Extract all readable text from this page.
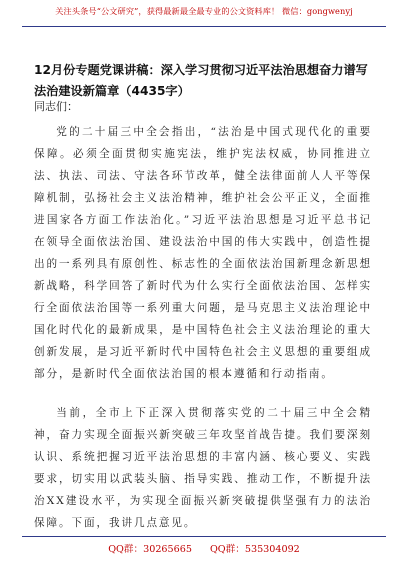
关注头条号“公文研究”，获得最新最全最专业的公文资料库！ 微信：gongwenyj
12月份专题党课讲稿：深入学习贯彻习近平法治思想奋力谱写法治建设新篇章（4435字）
同志们：

党的二十届三中全会指出，“法治是中国式现代化的重要保障。必须全面贯彻实施宪法，维护宪法权威，协同推进立法、执法、司法、守法各环节改革，健全法律面前人人平等保障机制，弘扬社会主义法治精神，维护社会公平正义，全面推进国家各方面工作法治化。”习近平法治思想是习近平总书记在领导全面依法治国、建设法治中国的伟大实践中，创造性提出的一系列具有原创性、标志性的全面依法治国新理念新思想新战略，科学回答了新时代为什么实行全面依法治国、怎样实行全面依法治国等一系列重大问题，是马克思主义法治理论中国化时代化的最新成果，是中国特色社会主义法治理论的重大创新发展，是习近平新时代中国特色社会主义思想的重要组成部分，是新时代全面依法治国的根本遵循和行动指南。

当前，全市上下正深入贯彻落实党的二十届三中全会精神，奋力实现全面振兴新突破三年攻坚首战告捷。我们要深刻认识、系统把握习近平法治思想的丰富内涵、核心要义、实践要求，切实用以武装头脑、指导实践、推动工作，不断提升法治XX建设水平，为实现全面振兴新突破提供坚强有力的法治保障。下面，我讲几点意见。

QQ群：30265665 QQ群：535304092
